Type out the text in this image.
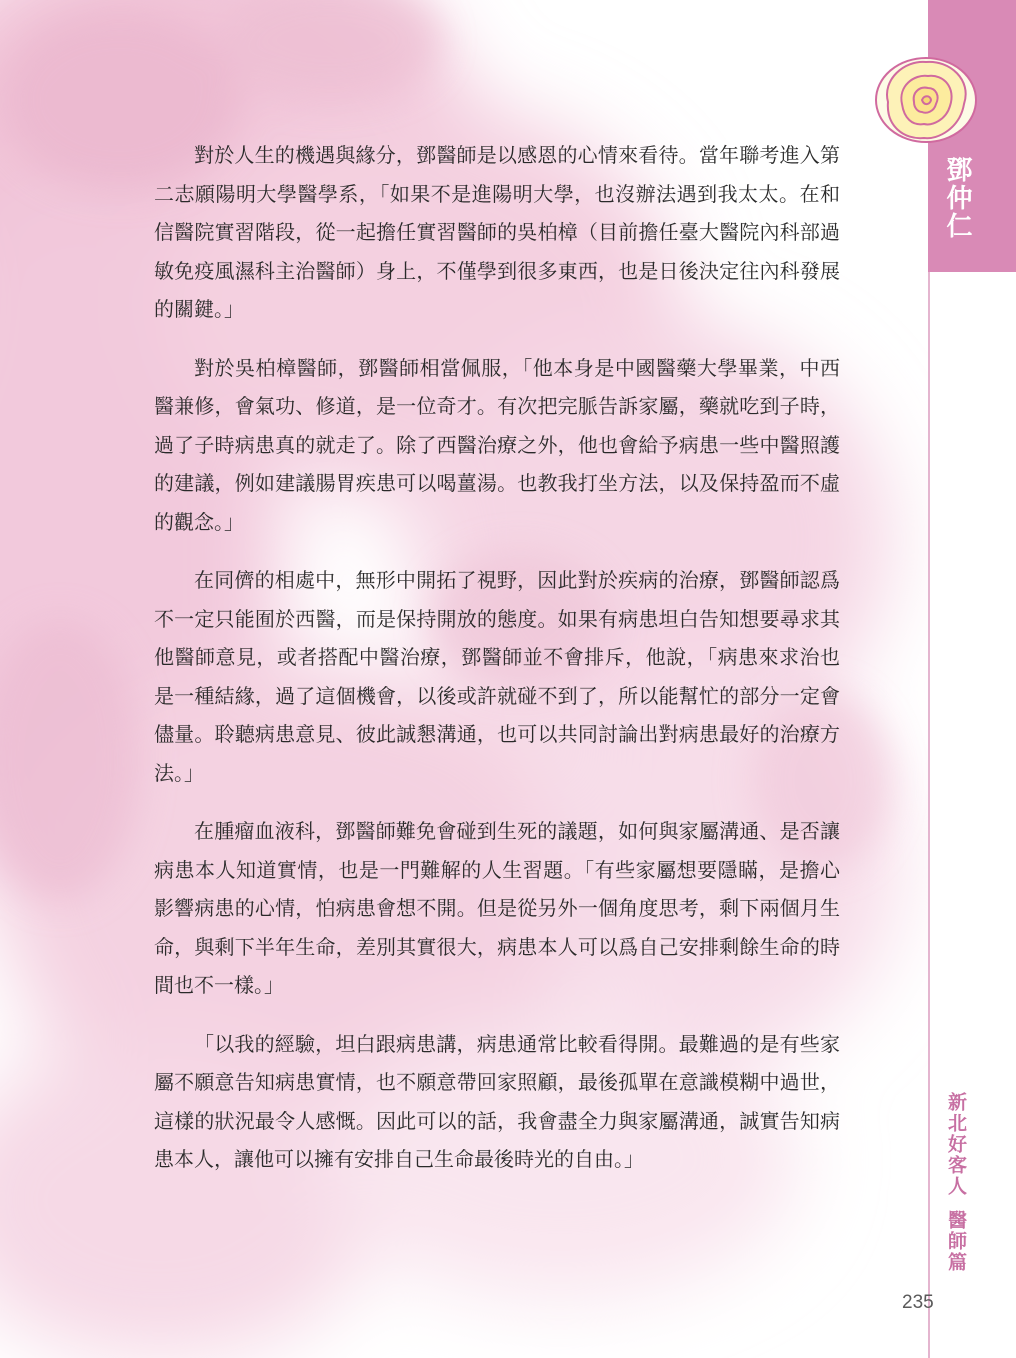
鄧仲仁
新北好客人
醫師篇

對於人生的機遇與緣分，鄧醫師是以感恩的心情來看待。當年聯考進入第二志願陽明大學醫學系，「如果不是進陽明大學，也沒辦法遇到我太太。在和信醫院實習階段，從一起擔任實習醫師的吳柏樟（目前擔任臺大醫院內科部過敏免疫風濕科主治醫師）身上，不僅學到很多東西，也是日後決定往內科發展的關鍵。」

對於吳柏樟醫師，鄧醫師相當佩服，「他本身是中國醫藥大學畢業，中西醫兼修，會氣功、修道，是一位奇才。有次把完脈告訴家屬，藥就吃到子時，過了子時病患真的就走了。除了西醫治療之外，他也會給予病患一些中醫照護的建議，例如建議腸胃疾患可以喝薑湯。也教我打坐方法，以及保持盈而不虛的觀念。」

在同儕的相處中，無形中開拓了視野，因此對於疾病的治療，鄧醫師認爲不一定只能囿於西醫，而是保持開放的態度。如果有病患坦白告知想要尋求其他醫師意見，或者搭配中醫治療，鄧醫師並不會排斥，他說，「病患來求治也是一種結緣，過了這個機會，以後或許就碰不到了，所以能幫忙的部分一定會儘量。聆聽病患意見、彼此誠懇溝通，也可以共同討論出對病患最好的治療方法。」

在腫瘤血液科，鄧醫師難免會碰到生死的議題，如何與家屬溝通、是否讓病患本人知道實情，也是一門難解的人生習題。「有些家屬想要隱瞞，是擔心影響病患的心情，怕病患會想不開。但是從另外一個角度思考，剩下兩個月生命，與剩下半年生命，差別其實很大，病患本人可以爲自己安排剩餘生命的時間也不一樣。」

「以我的經驗，坦白跟病患講，病患通常比較看得開。最難過的是有些家屬不願意告知病患實情，也不願意帶回家照顧，最後孤單在意識模糊中過世，這樣的狀況最令人感慨。因此可以的話，我會盡全力與家屬溝通，誠實告知病患本人，讓他可以擁有安排自己生命最後時光的自由。」

235
